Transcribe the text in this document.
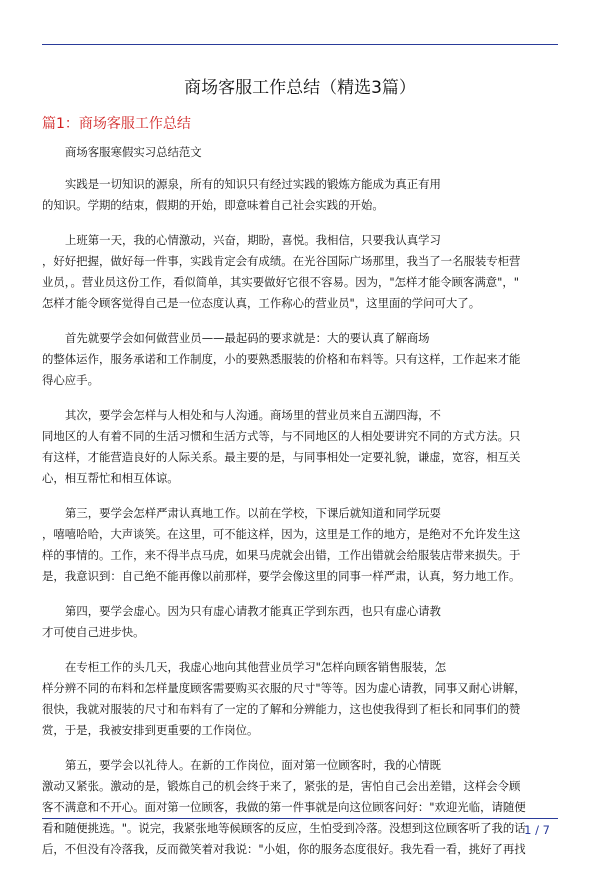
商场客服工作总结（精选3篇）
篇1：商场客服工作总结

商场客服寒假实习总结范文

实践是一切知识的源泉，所有的知识只有经过实践的锻炼方能成为真正有用
的知识。学期的结束，假期的开始，即意味着自己社会实践的开始。

上班第一天，我的心情激动，兴奋，期盼，喜悦。我相信，只要我认真学习
，好好把握，做好每一件事，实践肯定会有成绩。在光谷国际广场那里，我当了一名服装专柜营
业员，。营业员这份工作，看似简单，其实要做好它很不容易。因为，"怎样才能令顾客满意"，"
怎样才能令顾客觉得自己是一位态度认真，工作称心的营业员"，这里面的学问可大了。

首先就要学会如何做营业员——最起码的要求就是：大的要认真了解商场
的整体运作，服务承诺和工作制度，小的要熟悉服装的价格和布料等。只有这样，工作起来才能
得心应手。

其次，要学会怎样与人相处和与人沟通。商场里的营业员来自五湖四海，不
同地区的人有着不同的生活习惯和生活方式等，与不同地区的人相处要讲究不同的方式方法。只
有这样，才能营造良好的人际关系。最主要的是，与同事相处一定要礼貌，谦虚，宽容，相互关
心，相互帮忙和相互体谅。

第三，要学会怎样严肃认真地工作。以前在学校，下课后就知道和同学玩耍
，嘻嘻哈哈，大声谈笑。在这里，可不能这样，因为，这里是工作的地方，是绝对不允许发生这
样的事情的。工作，来不得半点马虎，如果马虎就会出错，工作出错就会给服装店带来损失。于
是，我意识到：自己绝不能再像以前那样，要学会像这里的同事一样严肃，认真，努力地工作。

第四，要学会虚心。因为只有虚心请教才能真正学到东西，也只有虚心请教
才可使自己进步快。

在专柜工作的头几天，我虚心地向其他营业员学习"怎样向顾客销售服装，怎
样分辨不同的布料和怎样量度顾客需要购买衣服的尺寸"等等。因为虚心请教，同事又耐心讲解，
很快，我就对服装的尺寸和布料有了一定的了解和分辨能力，这也使我得到了柜长和同事们的赞
赏，于是，我被安排到更重要的工作岗位。

第五，要学会以礼待人。在新的工作岗位，面对第一位顾客时，我的心情既
激动又紧张。激动的是，锻炼自己的机会终于来了，紧张的是，害怕自己会出差错，这样会令顾
客不满意和不开心。面对第一位顾客，我做的第一件事就是向这位顾客问好："欢迎光临，请随便
看和随便挑选。"。说完，我紧张地等候顾客的反应，生怕受到冷落。没想到这位顾客听了我的话
后，不但没有冷落我，反而微笑着对我说："小姐，你的服务态度很好。我先看一看，挑好了再找

1 / 7
